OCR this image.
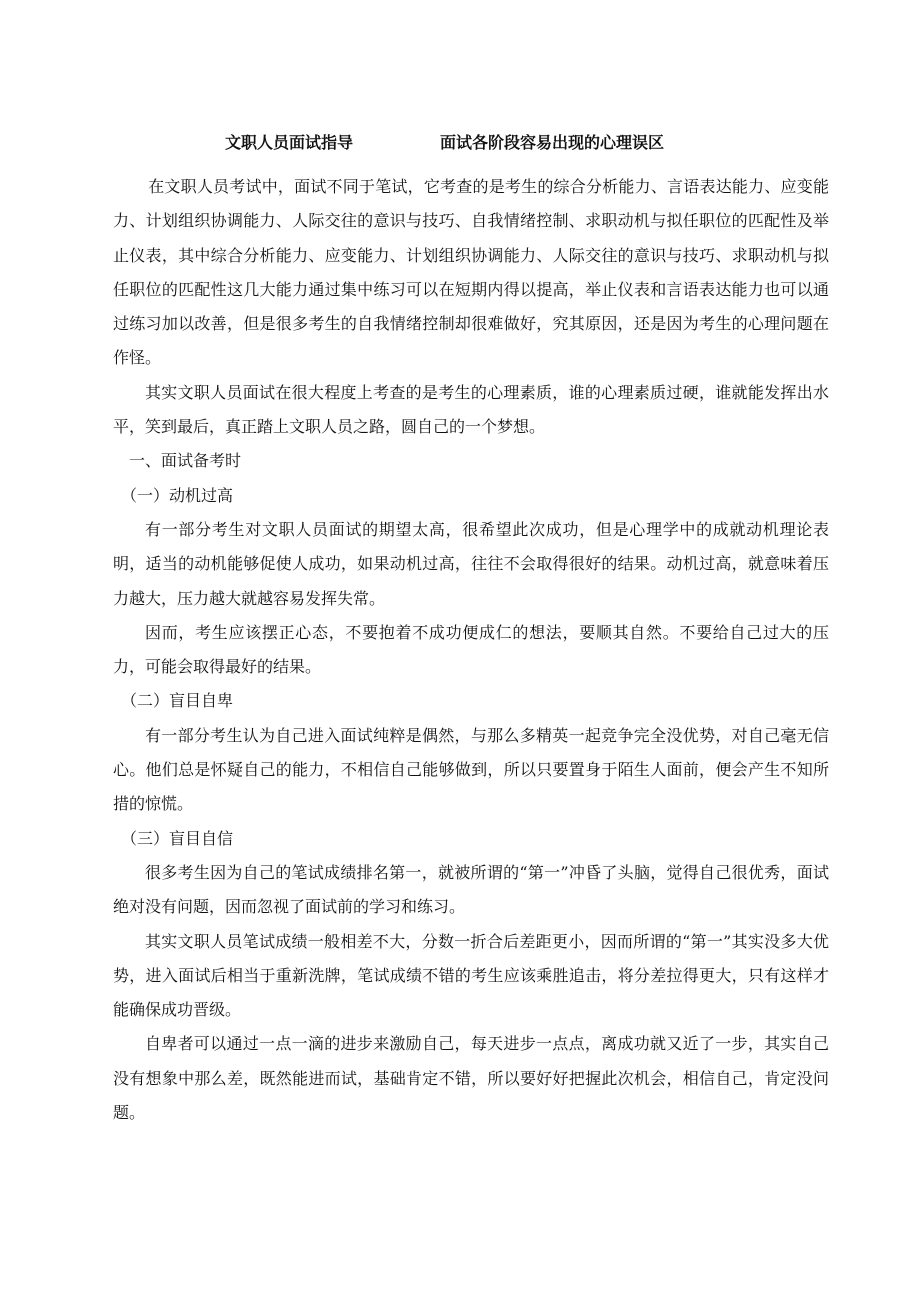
文职人员面试指导	面试各阶段容易出现的心理误区

在文职人员考试中，面试不同于笔试，它考查的是考生的综合分析能力、言语表达能力、应变能力、计划组织协调能力、人际交往的意识与技巧、自我情绪控制、求职动机与拟任职位的匹配性及举止仪表，其中综合分析能力、应变能力、计划组织协调能力、人际交往的意识与技巧、求职动机与拟任职位的匹配性这几大能力通过集中练习可以在短期内得以提高，举止仪表和言语表达能力也可以通过练习加以改善，但是很多考生的自我情绪控制却很难做好，究其原因，还是因为考生的心理问题在作怪。

其实文职人员面试在很大程度上考查的是考生的心理素质，谁的心理素质过硬，谁就能发挥出水平，笑到最后，真正踏上文职人员之路，圆自己的一个梦想。

一、面试备考时

（一）动机过高

有一部分考生对文职人员面试的期望太高，很希望此次成功，但是心理学中的成就动机理论表明，适当的动机能够促使人成功，如果动机过高，往往不会取得很好的结果。动机过高，就意味着压力越大，压力越大就越容易发挥失常。

因而，考生应该摆正心态，不要抱着不成功便成仁的想法，要顺其自然。不要给自己过大的压力，可能会取得最好的结果。

（二）盲目自卑

有一部分考生认为自己进入面试纯粹是偶然，与那么多精英一起竞争完全没优势，对自己毫无信心。他们总是怀疑自己的能力，不相信自己能够做到，所以只要置身于陌生人面前，便会产生不知所措的惊慌。

（三）盲目自信

很多考生因为自己的笔试成绩排名第一，就被所谓的“第一”冲昏了头脑，觉得自己很优秀，面试绝对没有问题，因而忽视了面试前的学习和练习。

其实文职人员笔试成绩一般相差不大，分数一折合后差距更小，因而所谓的“第一”其实没多大优势，进入面试后相当于重新洗牌，笔试成绩不错的考生应该乘胜追击，将分差拉得更大，只有这样才能确保成功晋级。

自卑者可以通过一点一滴的进步来激励自己，每天进步一点点，离成功就又近了一步，其实自己没有想象中那么差，既然能进而试，基础肯定不错，所以要好好把握此次机会，相信自己，肯定没问题。
